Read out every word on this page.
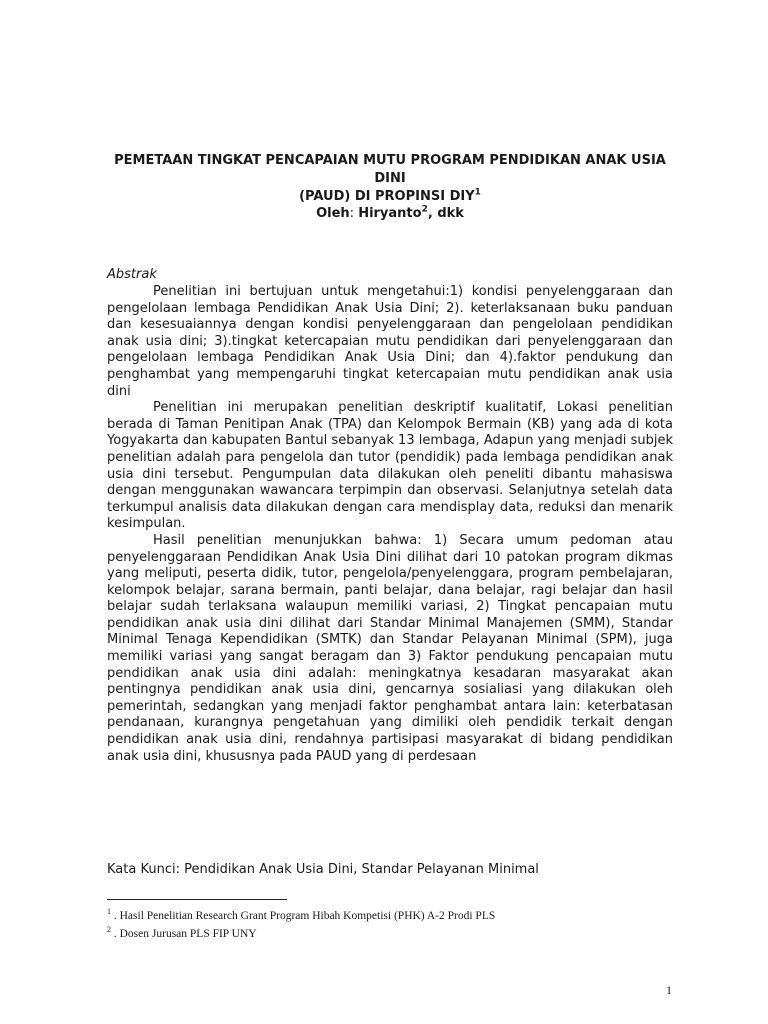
PEMETAAN TINGKAT PENCAPAIAN MUTU PROGRAM PENDIDIKAN ANAK USIA DINI
(PAUD) DI PROPINSI DIY$^1$
Oleh: Hiryanto$^2$, dkk
Abstrak

Penelitian ini bertujuan untuk mengetahui:1) kondisi penyelenggaraan dan pengelolaan lembaga Pendidikan Anak Usia Dini; 2). keterlaksanaan buku panduan dan kesesuaiannya dengan kondisi penyelenggaraan dan pengelolaan pendidikan anak usia dini; 3).tingkat ketercapaian mutu pendidikan dari penyelenggaraan dan pengelolaan lembaga Pendidikan Anak Usia Dini; dan 4).faktor pendukung dan penghambat yang mempengaruhi tingkat ketercapaian mutu pendidikan anak usia dini

Penelitian ini merupakan penelitian deskriptif kualitatif, Lokasi penelitian berada di Taman Penitipan Anak (TPA) dan Kelompok Bermain (KB) yang ada di kota Yogyakarta dan kabupaten Bantul sebanyak 13 lembaga, Adapun yang menjadi subjek penelitian adalah para pengelola dan tutor (pendidik) pada lembaga pendidikan anak usia dini tersebut. Pengumpulan data dilakukan oleh peneliti dibantu mahasiswa dengan menggunakan wawancara terpimpin dan observasi. Selanjutnya setelah data terkumpul analisis data dilakukan dengan cara mendisplay data, reduksi dan menarik kesimpulan.

Hasil penelitian menunjukkan bahwa: 1) Secara umum pedoman atau penyelenggaraan Pendidikan Anak Usia Dini dilihat dari 10 patokan program dikmas yang meliputi, peserta didik, tutor, pengelola/penyelenggara, program pembelajaran, kelompok belajar, sarana bermain, panti belajar, dana belajar, ragi belajar dan hasil belajar sudah terlaksana walaupun memiliki variasi, 2) Tingkat pencapaian mutu pendidikan anak usia dini dilihat dari Standar Minimal Manajemen (SMM), Standar Minimal Tenaga Kependidikan (SMTK) dan Standar Pelayanan Minimal (SPM), juga memiliki variasi yang sangat beragam dan 3) Faktor pendukung pencapaian mutu pendidikan anak usia dini adalah: meningkatnya kesadaran masyarakat akan pentingnya pendidikan anak usia dini, gencarnya sosialiasi yang dilakukan oleh pemerintah, sedangkan yang menjadi faktor penghambat antara lain: keterbatasan pendanaan, kurangnya pengetahuan yang dimiliki oleh pendidik terkait dengan pendidikan anak usia dini, rendahnya partisipasi masyarakat di bidang pendidikan anak usia dini, khususnya pada PAUD yang di perdesaan

Kata Kunci: Pendidikan Anak Usia Dini, Standar Pelayanan Minimal
$^1$ . Hasil Penelitian Research Grant Program Hibah Kompetisi (PHK) A-2 Prodi PLS
$^2$ . Dosen Jurusan PLS FIP UNY
1
